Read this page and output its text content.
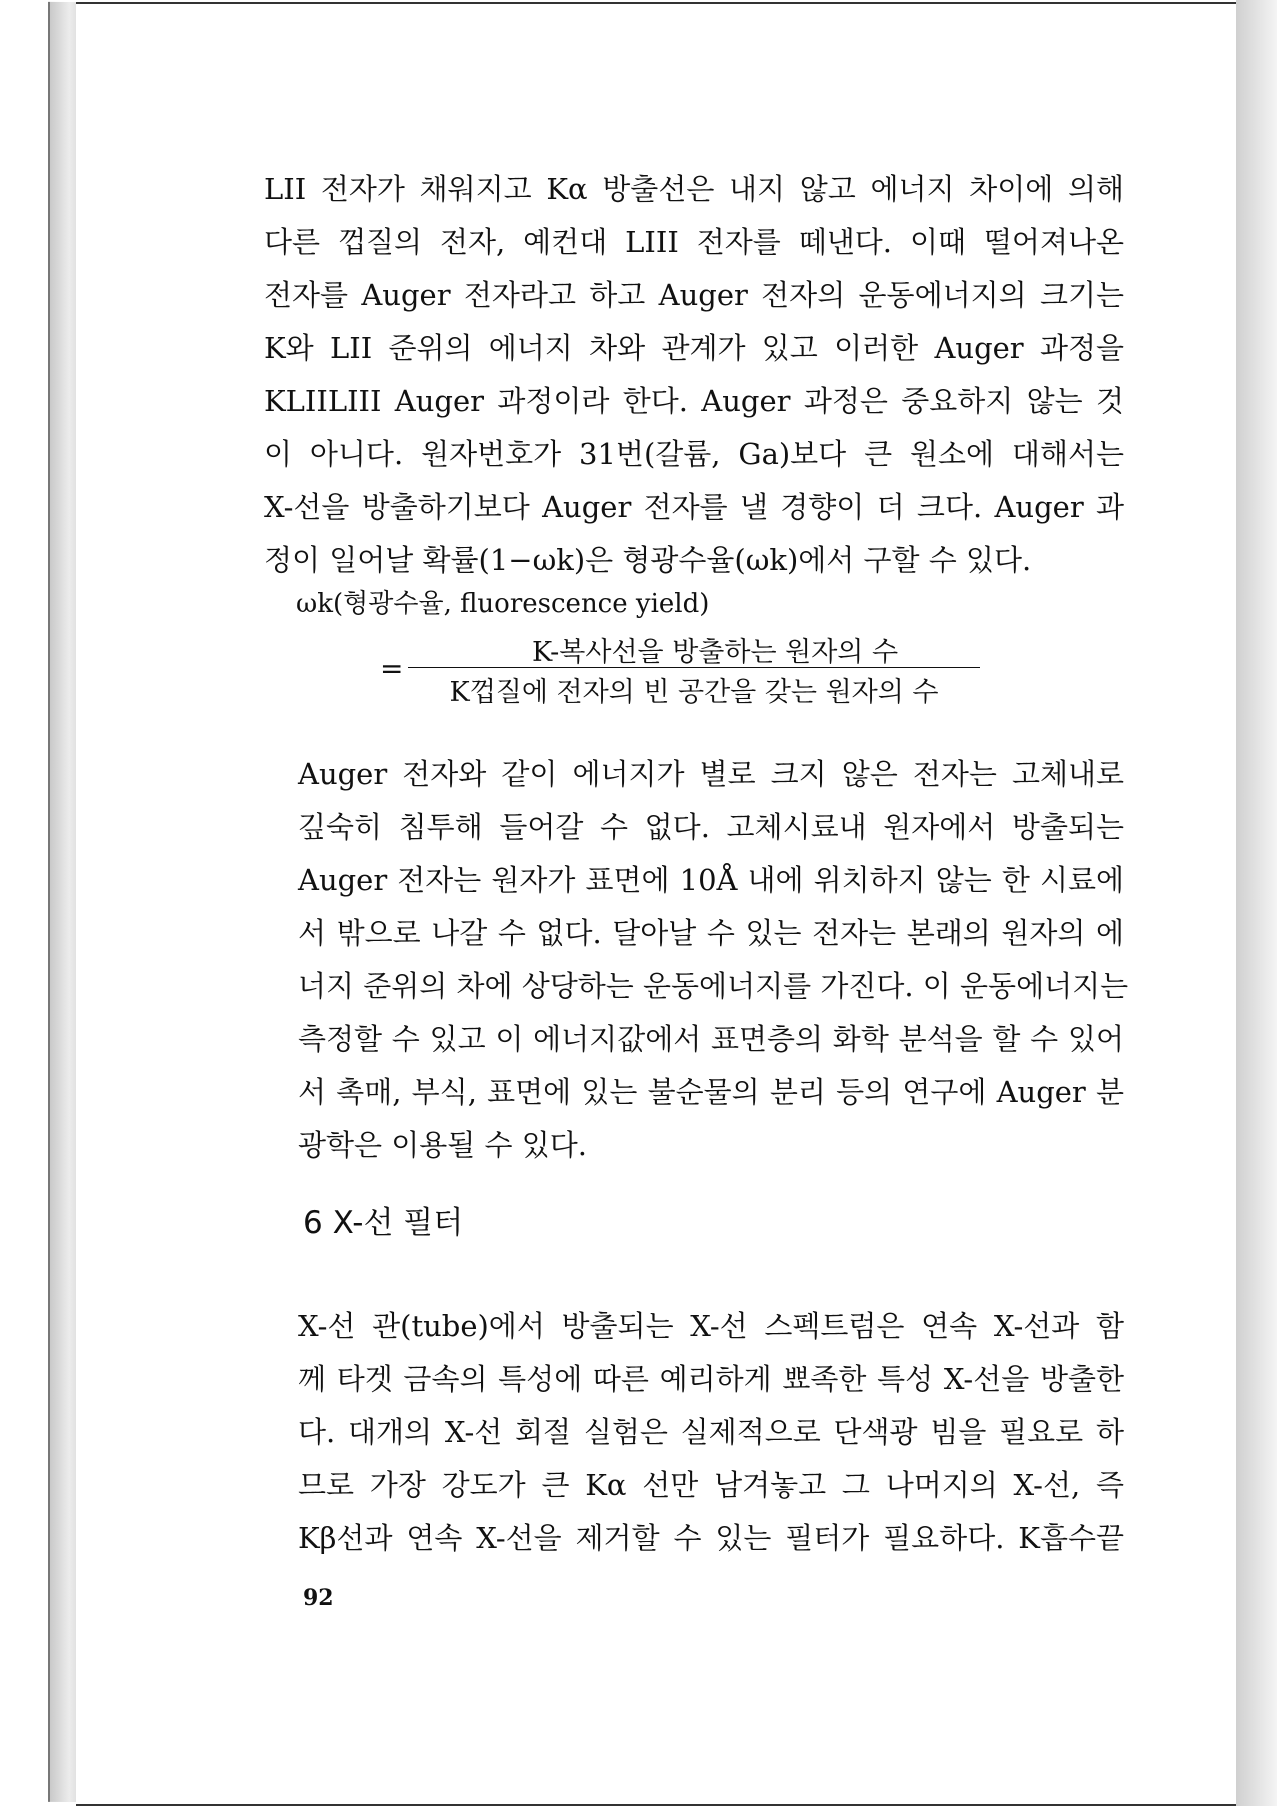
LII 전자가 채워지고 Kα 방출선은 내지 않고 에너지 차이에 의해
다른 껍질의 전자, 예컨대 LIII 전자를 떼낸다. 이때 떨어져나온
전자를 Auger 전자라고 하고 Auger 전자의 운동에너지의 크기는
K와 LII 준위의 에너지 차와 관계가 있고 이러한 Auger 과정을
KLIILIII Auger 과정이라 한다. Auger 과정은 중요하지 않는 것
이 아니다. 원자번호가 31번(갈륨, Ga)보다 큰 원소에 대해서는
X-선을 방출하기보다 Auger 전자를 낼 경향이 더 크다. Auger 과
정이 일어날 확률(1−ωk)은 형광수율(ωk)에서 구할 수 있다.
ωk(형광수율, fluorescence yield)
=	K-복사선을 방출하는 원자의 수
K껍질에 전자의 빈 공간을 갖는 원자의 수
Auger 전자와 같이 에너지가 별로 크지 않은 전자는 고체내로
깊숙히 침투해 들어갈 수 없다. 고체시료내 원자에서 방출되는
Auger 전자는 원자가 표면에 10Å 내에 위치하지 않는 한 시료에
서 밖으로 나갈 수 없다. 달아날 수 있는 전자는 본래의 원자의 에
너지 준위의 차에 상당하는 운동에너지를 가진다. 이 운동에너지는
측정할 수 있고 이 에너지값에서 표면층의 화학 분석을 할 수 있어
서 촉매, 부식, 표면에 있는 불순물의 분리 등의 연구에 Auger 분
광학은 이용될 수 있다.
6 X-선 필터
X-선 관(tube)에서 방출되는 X-선 스펙트럼은 연속 X-선과 함
께 타겟 금속의 특성에 따른 예리하게 뾰족한 특성 X-선을 방출한
다. 대개의 X-선 회절 실험은 실제적으로 단색광 빔을 필요로 하
므로 가장 강도가 큰 Kα 선만 남겨놓고 그 나머지의 X-선, 즉
Kβ선과 연속 X-선을 제거할 수 있는 필터가 필요하다. K흡수끝
92
